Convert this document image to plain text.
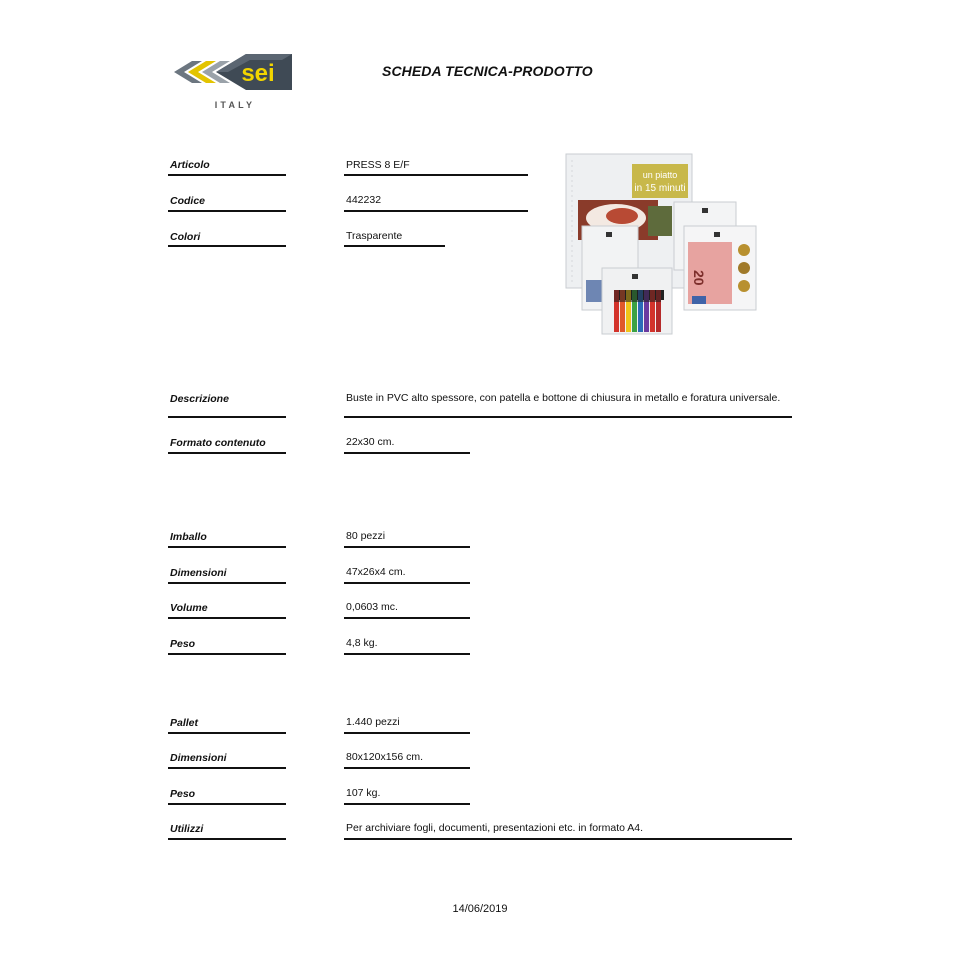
sei
ITALY
SCHEDA TECNICA-PRODOTTO
Articolo	PRESS 8 E/F
Codice	442232
Colori	Trasparente
un piatto
in 15 minuti
20
Descrizione	Buste in PVC alto spessore, con patella e bottone di chiusura in metallo e foratura universale.
Formato contenuto	22x30 cm.
Imballo	80 pezzi
Dimensioni	47x26x4 cm.
Volume	0,0603 mc.
Peso	4,8 kg.
Pallet	1.440 pezzi
Dimensioni	80x120x156 cm.
Peso	107 kg.
Utilizzi	Per archiviare fogli, documenti, presentazioni etc. in formato A4.
14/06/2019
